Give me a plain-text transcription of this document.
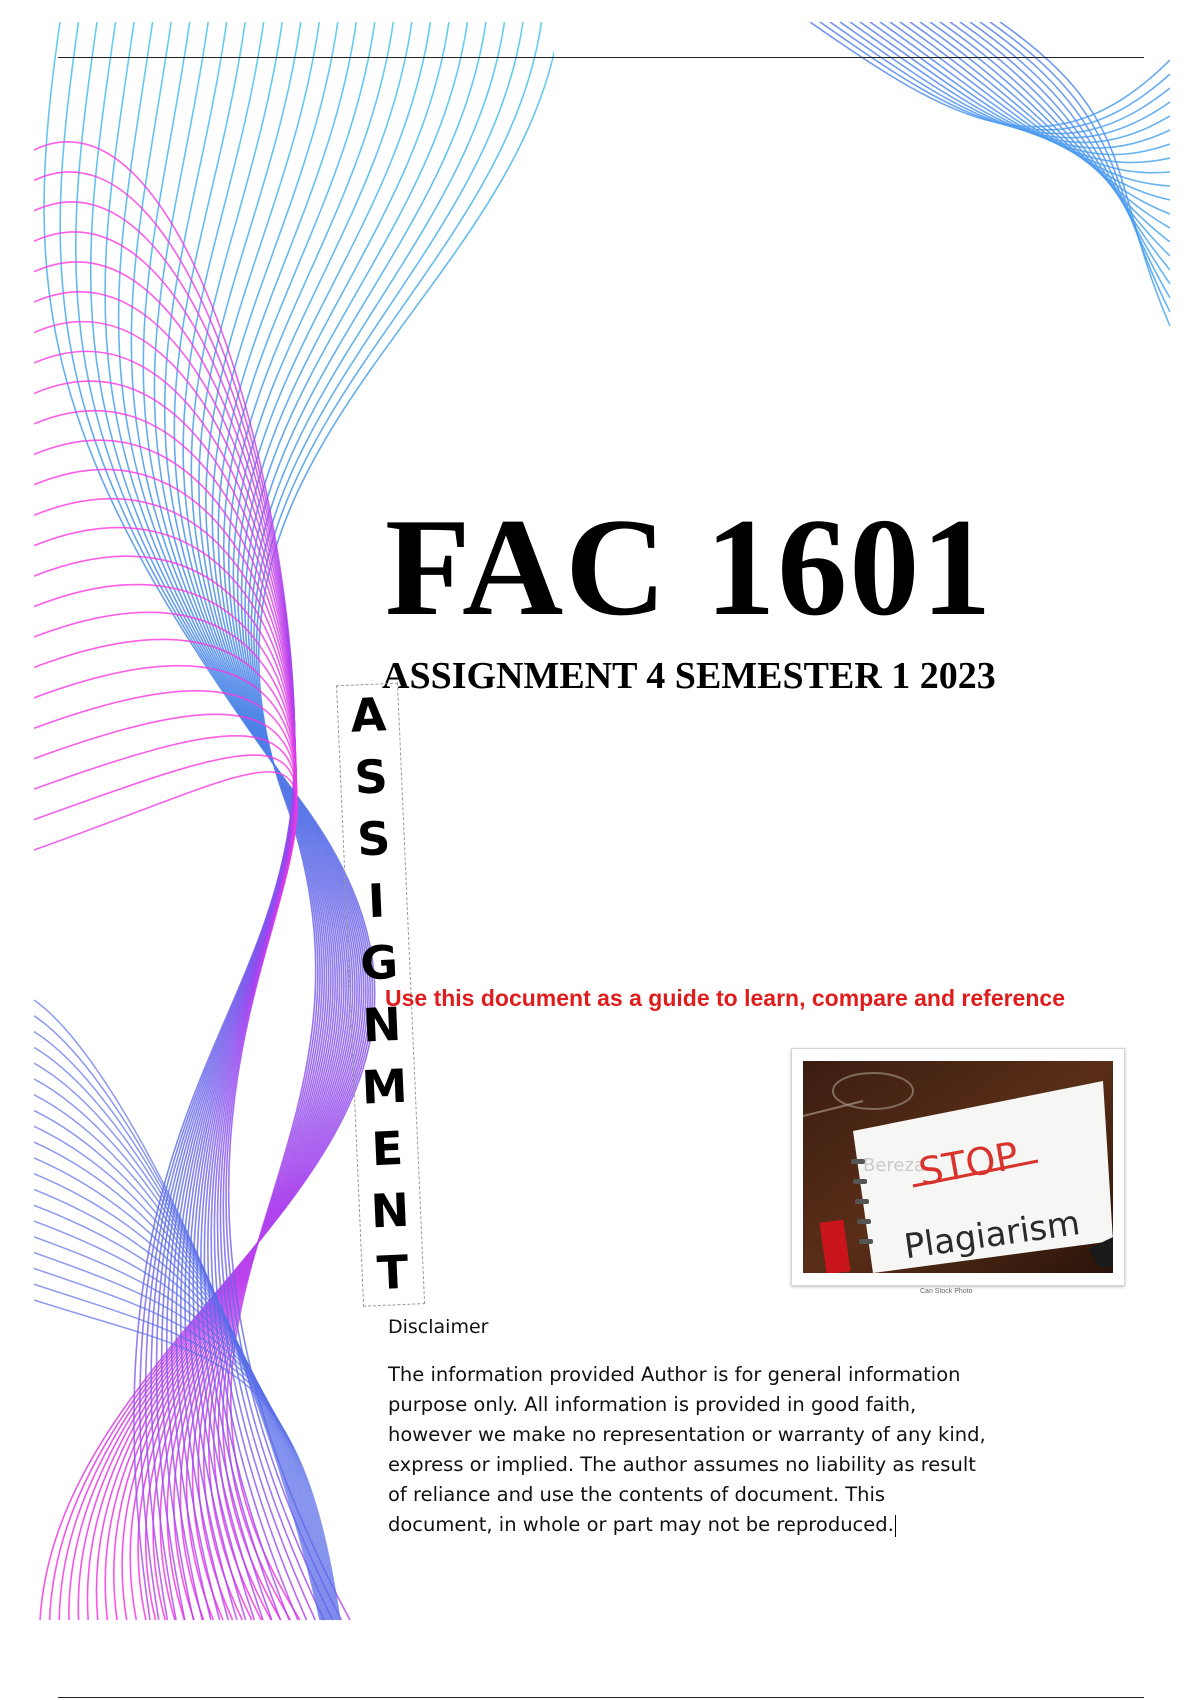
FAC 1601
ASSIGNMENT 4 SEMESTER 1 2023
A
S
S
I
G
N
M
E
N
T
Use this document as a guide to learn, compare and reference
Bereza
STOP
Plagiarism
Can Stock Photo
Disclaimer
The information provided Author is for general information purpose only. All information is provided in good faith, however we make no representation or warranty of any kind, express or implied. The author assumes no liability as result of reliance and use the contents of document. This document, in whole or part may not be reproduced.
